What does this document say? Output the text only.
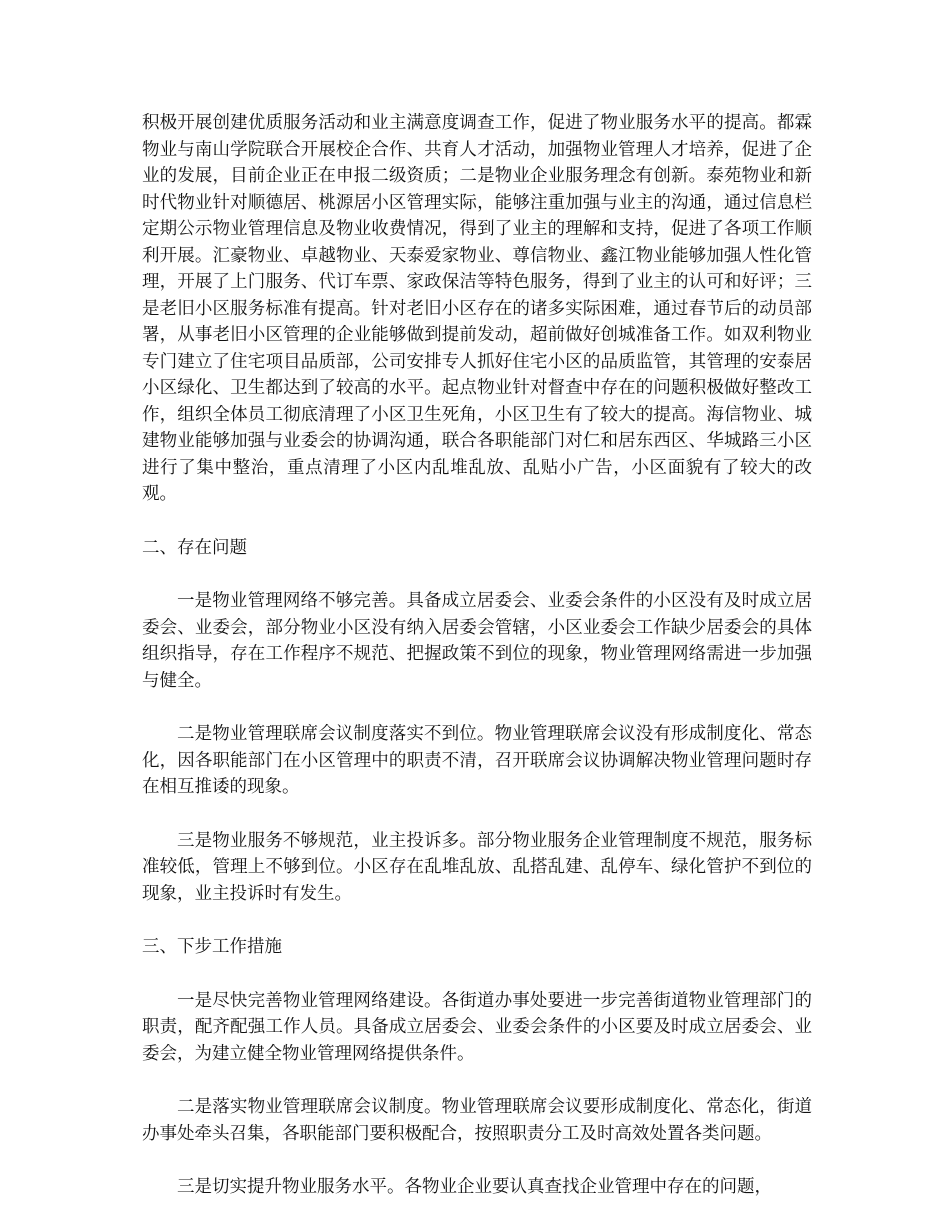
积极开展创建优质服务活动和业主满意度调查工作，促进了物业服务水平的提高。都霖物业与南山学院联合开展校企合作、共育人才活动，加强物业管理人才培养，促进了企业的发展，目前企业正在申报二级资质；二是物业企业服务理念有创新。泰苑物业和新时代物业针对顺德居、桃源居小区管理实际，能够注重加强与业主的沟通，通过信息栏定期公示物业管理信息及物业收费情况，得到了业主的理解和支持，促进了各项工作顺利开展。汇豪物业、卓越物业、天泰爱家物业、尊信物业、鑫江物业能够加强人性化管理，开展了上门服务、代订车票、家政保洁等特色服务，得到了业主的认可和好评；三是老旧小区服务标准有提高。针对老旧小区存在的诸多实际困难，通过春节后的动员部署，从事老旧小区管理的企业能够做到提前发动，超前做好创城准备工作。如双利物业专门建立了住宅项目品质部，公司安排专人抓好住宅小区的品质监管，其管理的安泰居小区绿化、卫生都达到了较高的水平。起点物业针对督查中存在的问题积极做好整改工作，组织全体员工彻底清理了小区卫生死角，小区卫生有了较大的提高。海信物业、城建物业能够加强与业委会的协调沟通，联合各职能部门对仁和居东西区、华城路三小区进行了集中整治，重点清理了小区内乱堆乱放、乱贴小广告，小区面貌有了较大的改观。

二、存在问题

一是物业管理网络不够完善。具备成立居委会、业委会条件的小区没有及时成立居委会、业委会，部分物业小区没有纳入居委会管辖，小区业委会工作缺少居委会的具体组织指导，存在工作程序不规范、把握政策不到位的现象，物业管理网络需进一步加强与健全。

二是物业管理联席会议制度落实不到位。物业管理联席会议没有形成制度化、常态化，因各职能部门在小区管理中的职责不清，召开联席会议协调解决物业管理问题时存在相互推诿的现象。

三是物业服务不够规范，业主投诉多。部分物业服务企业管理制度不规范，服务标准较低，管理上不够到位。小区存在乱堆乱放、乱搭乱建、乱停车、绿化管护不到位的现象，业主投诉时有发生。

三、下步工作措施

一是尽快完善物业管理网络建设。各街道办事处要进一步完善街道物业管理部门的职责，配齐配强工作人员。具备成立居委会、业委会条件的小区要及时成立居委会、业委会，为建立健全物业管理网络提供条件。

二是落实物业管理联席会议制度。物业管理联席会议要形成制度化、常态化，街道办事处牵头召集，各职能部门要积极配合，按照职责分工及时高效处置各类问题。

三是切实提升物业服务水平。各物业企业要认真查找企业管理中存在的问题，
